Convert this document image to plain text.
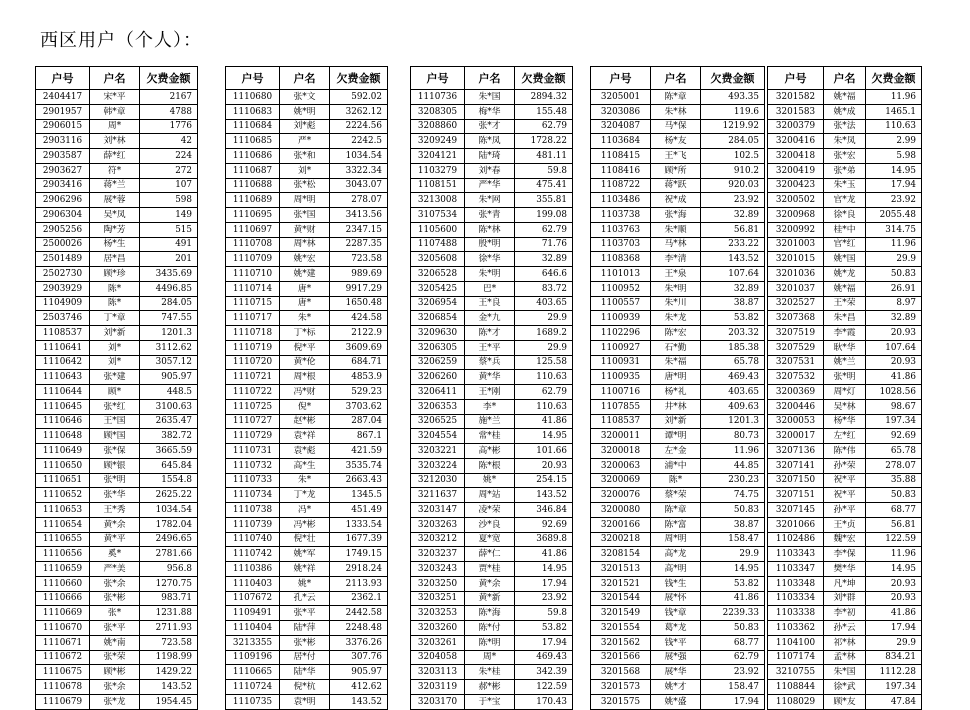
西区用户（个人）：
户号	户名	欠费金额
2404417	宋*平	2167
2901957	韩*章	4788
2906015	周*	1776
2903116	刘*林	42
2903587	薛*红	224
2903627	符*	272
2903416	蒋*兰	107
2906296	展*蓉	598
2906304	吴*凤	149
2905256	陶*芳	515
2500026	杨*生	491
2501489	居*昌	201
2502730	顾*珍	3435.69
2903929	陈*	4496.85
1104909	陈*	284.05
2503746	丁*章	747.55
1108537	刘*新	1201.3
1110641	刘*	3112.62
1110642	刘*	3057.12
1110643	张*建	905.97
1110644	顾*	448.5
1110645	张*红	3100.63
1110646	王*国	2635.47
1110648	顾*国	382.72
1110649	张*保	3665.59
1110650	顾*银	645.84
1110651	张*明	1554.8
1110652	张*华	2625.22
1110653	王*秀	1034.54
1110654	黄*余	1782.04
1110655	黄*平	2496.65
1110656	奚*	2781.66
1110659	严*美	956.8
1110660	张*余	1270.75
1110666	张*彬	983.71
1110669	张*	1231.88
1110670	张*平	2711.93
1110671	姚*南	723.58
1110672	张*荣	1198.99
1110675	顾*彬	1429.22
1110678	张*余	143.52
1110679	张*龙	1954.45
户号	户名	欠费金额
1110680	张*文	592.02
1110683	姚*明	3262.12
1110684	刘*彪	2224.56
1110685	严*	2242.5
1110686	张*和	1034.54
1110687	刘*	3322.34
1110688	张*松	3043.07
1110689	周*明	278.07
1110695	张*国	3413.56
1110697	黄*财	2347.15
1110708	周*林	2287.35
1110709	姚*宏	723.58
1110710	姚*建	989.69
1110714	唐*	9917.29
1110715	唐*	1650.48
1110717	朱*	424.58
1110718	丁*标	2122.9
1110719	倪*平	3609.69
1110720	黄*伦	684.71
1110721	周*根	4853.9
1110722	冯*财	529.23
1110725	倪*	3703.62
1110727	赵*彬	287.04
1110729	袁*祥	867.1
1110731	袁*彪	421.59
1110732	高*生	3535.74
1110733	朱*	2663.43
1110734	丁*龙	1345.5
1110738	冯*	451.49
1110739	冯*彬	1333.54
1110740	倪*壮	1677.39
1110742	姚*军	1749.15
1110386	姚*祥	2918.24
1110403	姚*	2113.93
1107672	孔*云	2362.1
1109491	张*平	2442.58
1110404	陆*萍	2248.48
3213355	张*彬	3376.26
1109196	居*付	307.76
1110665	陆*华	905.97
1110724	倪*杭	412.62
1110735	袁*明	143.52
户号	户名	欠费金额
1110736	朱*国	2894.32
3208305	梅*华	155.48
3208860	张*才	62.79
3209249	陈*凤	1728.22
3204121	陆*琦	481.11
1103279	刘*春	59.8
1108151	严*华	475.41
3213008	朱*网	355.81
3107534	张*青	199.08
1105600	陈*林	62.79
1107488	殷*明	71.76
3205608	徐*华	32.89
3206528	朱*明	646.6
3205425	巴*	83.72
3206954	王*良	403.65
3206854	金*九	29.9
3209630	陈*才	1689.2
3206305	王*平	29.9
3206259	蔡*兵	125.58
3206260	黄*华	110.63
3206411	王*刚	62.79
3206353	李*	110.63
3206525	施*兰	41.86
3204554	常*桂	14.95
3203221	高*彬	101.66
3203224	陈*根	20.93
3212030	姚*	254.15
3211637	周*站	143.52
3203147	凌*荣	346.84
3203263	沙*良	92.69
3203212	夏*宽	3689.8
3203237	薛*仁	41.86
3203243	贾*桂	14.95
3203250	黄*余	17.94
3203251	黄*新	23.92
3203253	陈*海	59.8
3203260	陈*付	53.82
3203261	陈*明	17.94
3204058	周*	469.43
3203113	朱*桂	342.39
3203119	郝*彬	122.59
3203170	于*宝	170.43
户号	户名	欠费金额
3205001	陈*章	493.35
3203086	朱*林	119.6
3204087	马*保	1219.92
1103684	杨*友	284.05
1108415	王*飞	102.5
1108416	顾*所	910.2
1108722	蒋*跃	920.03
1103486	祝*成	23.92
1103738	张*海	32.89
1103763	朱*顺	56.81
1103703	马*林	233.22
1108368	李*清	143.52
1101013	王*泉	107.64
1100952	朱*明	32.89
1100557	朱*川	38.87
1100939	朱*龙	53.82
1102296	陈*宏	203.32
1100927	石*勤	185.38
1100931	朱*福	65.78
1100935	唐*明	469.43
1100716	杨*礼	403.65
1107855	井*林	409.63
1108537	刘*新	1201.3
3200011	谭*明	80.73
3200018	左*金	11.96
3200063	浦*中	44.85
3200069	陈*	230.23
3200076	蔡*荣	74.75
3200080	陈*章	50.83
3200166	陈*富	38.87
3200218	周*明	158.47
3208154	高*龙	29.9
3201513	高*明	14.95
3201521	钱*生	53.82
3201544	展*怀	41.86
3201549	钱*章	2239.33
3201554	葛*龙	50.83
3201562	钱*平	68.77
3201566	展*强	62.79
3201568	展*华	23.92
3201573	姚*才	158.47
3201575	姚*盛	17.94
户号	户名	欠费金额
3201582	姚*福	11.96
3201583	姚*成	1465.1
3200379	张*法	110.63
3200416	朱*凤	2.99
3200418	张*宏	5.98
3200419	张*弟	14.95
3200423	朱*玉	17.94
3200502	官*龙	23.92
3200968	徐*良	2055.48
3200992	桂*中	314.75
3201003	官*红	11.96
3201015	姚*国	29.9
3201036	姚*龙	50.83
3201037	姚*福	26.91
3202527	王*荣	8.97
3207368	朱*昌	32.89
3207519	李*霞	20.93
3207529	耿*华	107.64
3207531	姚*兰	20.93
3207532	张*明	41.86
3200369	周*灯	1028.56
3200446	吴*林	98.67
3200053	杨*华	197.34
3200017	左*红	92.69
3207136	陈*伟	65.78
3207141	孙*荣	278.07
3207150	祝*平	35.88
3207151	祝*平	50.83
3207145	孙*平	68.77
3201066	王*贞	56.81
1102486	魏*宏	122.59
1103343	李*保	11.96
1103347	樊*华	14.95
1103348	凡*坤	20.93
1103334	刘*群	20.93
1103338	李*初	41.86
1103362	孙*云	17.94
1104100	祁*林	29.9
1107174	孟*林	834.21
3210755	朱*国	1112.28
1108844	徐*武	197.34
1108029	顾*友	47.84
